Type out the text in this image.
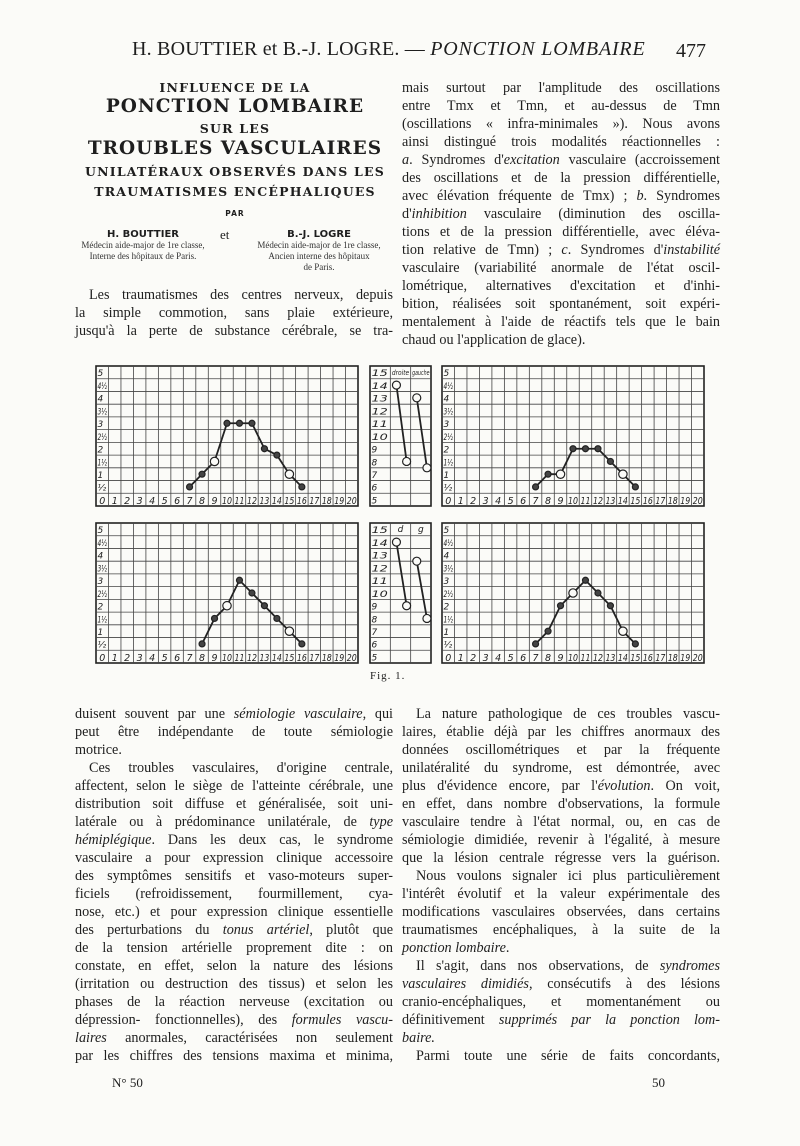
H. BOUTTIER et B.-J. LOGRE. — PONCTION LOMBAIRE 477
INFLUENCE DE LA
PONCTION LOMBAIRE
SUR LES
TROUBLES VASCULAIRES
UNILATÉRAUX OBSERVÉS DANS LES
TRAUMATISMES ENCÉPHALIQUES
PAR
H. BOUTTIER
Médecin aide-major de 1re classe,
Interne des hôpitaux de Paris.
et	B.-J. LOGRE
Médecin aide-major de 1re classe,
Ancien interne des hôpitaux
de Paris.
Les traumatismes des centres nerveux, depuis
la simple commotion, sans plaie extérieure,
jusqu'à la perte de substance cérébrale, se tra-
mais surtout par l'amplitude des oscillations
entre Tmx et Tmn, et au-dessus de Tmn
(oscillations « infra-minimales »). Nous avons
ainsi distingué trois modalités réactionnelles :
a. Syndromes d'excitation vasculaire (accroissement
des oscillations et de la pression différentielle,
avec élévation fréquente de Tmx) ; b. Syndromes
d'inhibition vasculaire (diminution des oscilla-
tions et de la pression différentielle, avec éléva-
tion relative de Tmn) ; c. Syndromes d'instabilité
vasculaire (variabilité anormale de l'état oscil-
lométrique, alternatives d'excitation et d'inhi-
bition, réalisées soit spontanément, soit expéri-
mentalement à l'aide de réactifs tels que le bain
chaud ou l'application de glace).
5
4½
4
3½
3
2½
2
1½
1
½
0 1 2 3 4 5 6 7 8 9 10 11 12 13 14 15 16 17 18 19 20
15
14
13
12
11
10
9
8
7
6
5
droite gauche 5
4½
4
3½
3
2½
2
1½
1
½
0 1 2 3 4 5 6 7 8 9 10 11 12 13 14 15 16 17 18 19 20
5
4½
4
3½
3
2½
2
1½
1
½
0 1 2 3 4 5 6 7 8 9 10 11 12 13 14 15 16 17 18 19 20
15
14
13
12
11
10
9
8
7
6
5
d g 5
4½
4
3½
3
2½
2
1½
1
½
0 1 2 3 4 5 6 7 8 9 10 11 12 13 14 15 16 17 18 19 20
Fig. 1.
duisent souvent par une sémiologie vasculaire, qui
peut être indépendante de toute sémiologie
motrice.
Ces troubles vasculaires, d'origine centrale,
affectent, selon le siège de l'atteinte cérébrale, une
distribution soit diffuse et généralisée, soit uni-
latérale ou à prédominance unilatérale, de type
hémiplégique. Dans les deux cas, le syndrome
vasculaire a pour expression clinique accessoire
des symptômes sensitifs et vaso-moteurs super-
ficiels (refroidissement, fourmillement, cya-
nose, etc.) et pour expression clinique essentielle
des perturbations du tonus artériel, plutôt que
de la tension artérielle proprement dite : on
constate, en effet, selon la nature des lésions
(irritation ou destruction des tissus) et selon les
phases de la réaction nerveuse (excitation ou
dépression- fonctionnelles), des formules vascu-
laires anormales, caractérisées non seulement
par les chiffres des tensions maxima et minima,
La nature pathologique de ces troubles vascu-
laires, établie déjà par les chiffres anormaux des
données oscillométriques et par la fréquente
unilatéralité du syndrome, est démontrée, avec
plus d'évidence encore, par l'évolution. On voit,
en effet, dans nombre d'observations, la formule
vasculaire tendre à l'état normal, ou, en cas de
sémiologie dimidiée, revenir à l'égalité, à mesure
que la lésion centrale régresse vers la guérison.
Nous voulons signaler ici plus particulièrement
l'intérêt évolutif et la valeur expérimentale des
modifications vasculaires observées, dans certains
traumatismes encéphaliques, à la suite de la
ponction lombaire.
Il s'agit, dans nos observations, de syndromes
vasculaires dimidiés, consécutifs à des lésions
cranio-encéphaliques, et momentanément ou
définitivement supprimés par la ponction lom-
baire.
Parmi toute une série de faits concordants,
N° 50	50
